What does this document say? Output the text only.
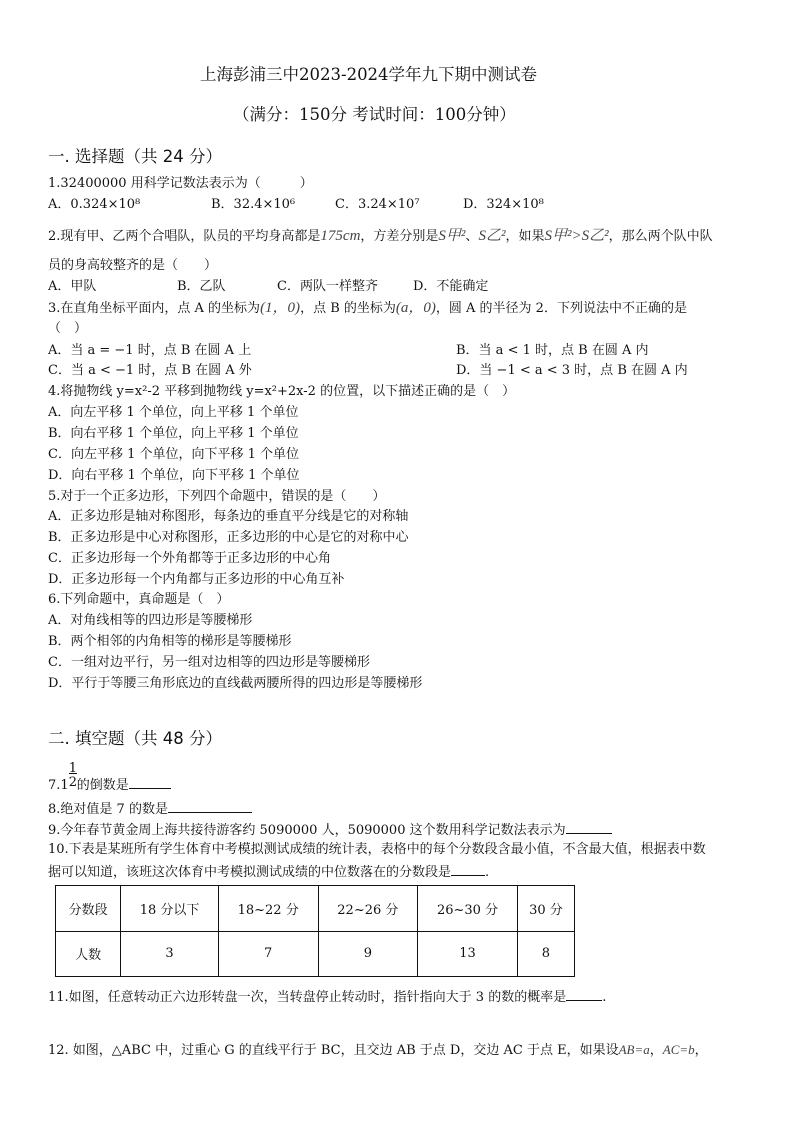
上海彭浦三中2023-2024学年九下期中测试卷
（满分：150分 考试时间：100分钟）
一. 选择题（共 24 分）
1.32400000 用科学记数法表示为（　　　）
A．0.324×10⁸	B．32.4×10⁶	C．3.24×10⁷	D．324×10⁸
2.现有甲、乙两个合唱队，队员的平均身高都是175cm，方差分别是S甲²、S乙²，如果S甲²>S乙²，那么两个队中队
员的身高较整齐的是（　　）
A．甲队	B．乙队	C．两队一样整齐	D．不能确定
3.在直角坐标平面内，点 A 的坐标为(1，0)，点 B 的坐标为(a，0)，圆 A 的半径为 2．下列说法中不正确的是
（　）
A．当 a = −1 时，点 B 在圆 A 上	B．当 a < 1 时，点 B 在圆 A 内
C．当 a < −1 时，点 B 在圆 A 外	D．当 −1 < a < 3 时，点 B 在圆 A 内
4.将抛物线 y=x²-2 平移到抛物线 y=x²+2x-2 的位置，以下描述正确的是（　）
A．向左平移 1 个单位，向上平移 1 个单位
B．向右平移 1 个单位，向上平移 1 个单位
C．向左平移 1 个单位，向下平移 1 个单位
D．向右平移 1 个单位，向下平移 1 个单位
5.对于一个正多边形，下列四个命题中，错误的是（　　）
A．正多边形是轴对称图形，每条边的垂直平分线是它的对称轴
B．正多边形是中心对称图形，正多边形的中心是它的对称中心
C．正多边形每一个外角都等于正多边形的中心角
D．正多边形每一个内角都与正多边形的中心角互补
6.下列命题中，真命题是（　）
A．对角线相等的四边形是等腰梯形
B．两个相邻的内角相等的梯形是等腰梯形
C．一组对边平行，另一组对边相等的四边形是等腰梯形
D．平行于等腰三角形底边的直线截两腰所得的四边形是等腰梯形
二. 填空题（共 48 分）
$7.1 \frac{1}{2}$ 的倒数是
8.绝对值是 7 的数是
9.今年春节黄金周上海共接待游客约 5090000 人，5090000 这个数用科学记数法表示为
10.下表是某班所有学生体育中考模拟测试成绩的统计表，表格中的每个分数段含最小值，不含最大值，根据表中数
据可以知道，该班这次体育中考模拟测试成绩的中位数落在的分数段是	.
分数段	18 分以下	18~22 分	22~26 分	26~30 分	30 分
人数	3	7	9	13	8
11.如图，任意转动正六边形转盘一次，当转盘停止转动时，指针指向大于 3 的数的概率是	.
12. 如图，△ABC 中，过重心 G 的直线平行于 BC，且交边 AB 于点 D，交边 AC 于点 E，如果设AB=a，AC=b，
